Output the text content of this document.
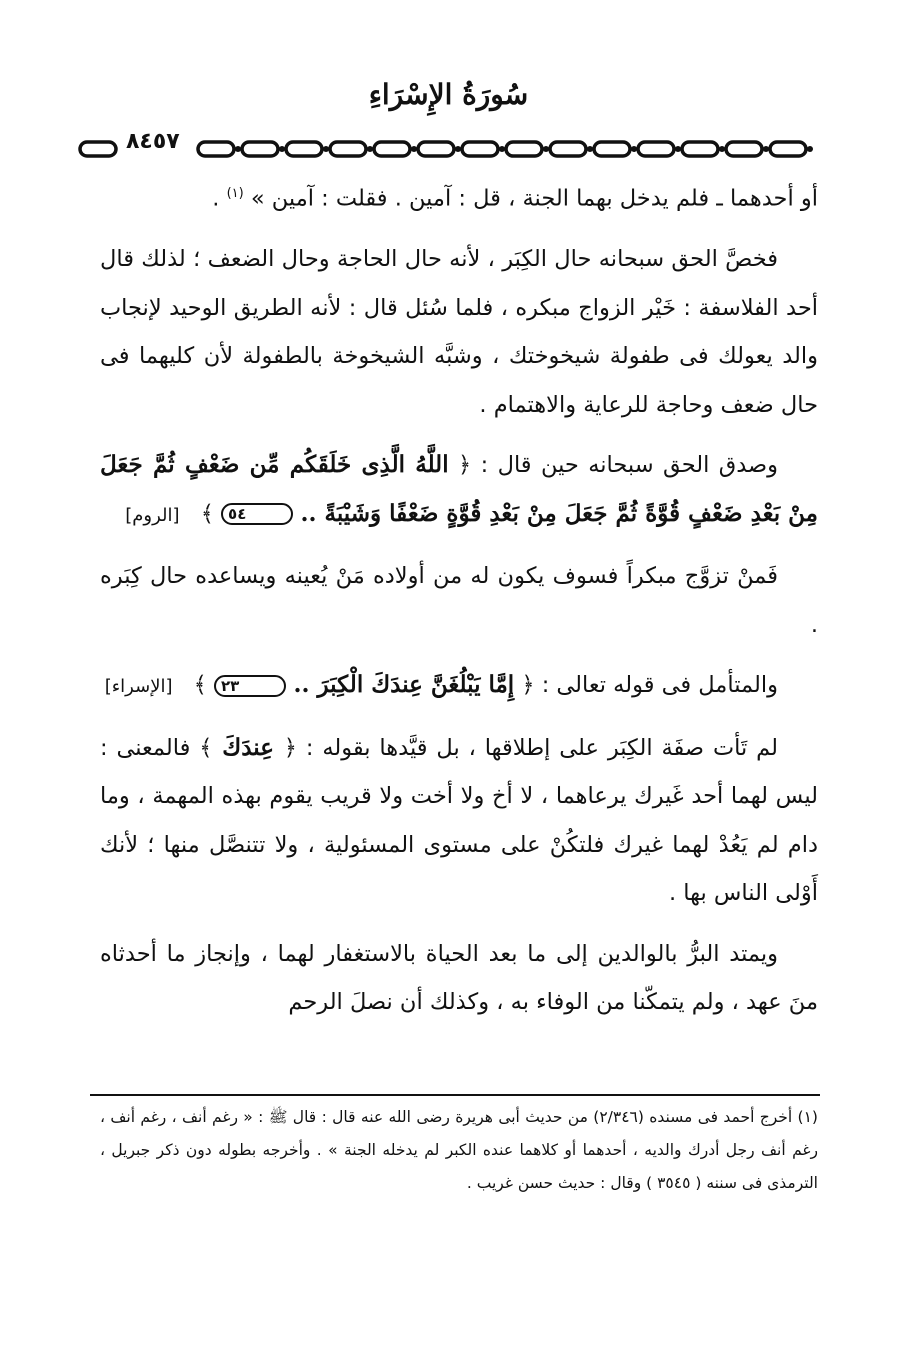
سُورَةُ الإِسْرَاءِ
٨٤٥٧

أو أحدهما ـ فلم يدخل بهما الجنة ، قل : آمين . فقلت : آمين » $^{(١)}$ .

فخصَّ الحق سبحانه حال الكِبَر ، لأنه حال الحاجة وحال الضعف ؛ لذلك قال أحد الفلاسفة : خَيْر الزواج مبكره ، فلما سُئل قال : لأنه الطريق الوحيد لإنجاب والد يعولك فى طفولة شيخوختك ، وشبَّه الشيخوخة بالطفولة لأن كليهما فى حال ضعف وحاجة للرعاية والاهتمام .

وصدق الحق سبحانه حين قال : ﴿ اللَّهُ الَّذِى خَلَقَكُم مِّن ضَعْفٍ ثُمَّ جَعَلَ مِنْ بَعْدِ ضَعْفٍ قُوَّةً ثُمَّ جَعَلَ مِنْ بَعْدِ قُوَّةٍ ضَعْفًا وَشَيْبَةً .. ٥٤ ﴾ [الروم]

فَمنْ تزوَّج مبكراً فسوف يكون له من أولاده مَنْ يُعينه ويساعده حال كِبَره .

والمتأمل فى قوله تعالى : ﴿ إِمَّا يَبْلُغَنَّ عِندَكَ الْكِبَرَ .. ٢٣ ﴾ [الإسراء]

لم تَأت صفَة الكِبَر على إطلاقها ، بل قيَّدها بقوله : ﴿ عِندَكَ ﴾ فالمعنى : ليس لهما أحد غَيرك يرعاهما ، لا أخ ولا أخت ولا قريب يقوم بهذه المهمة ، وما دام لم يَعُدْ لهما غيرك فلتكُنْ على مستوى المسئولية ، ولا تتنصَّل منها ؛ لأنك أَوْلى الناس بها .

ويمتد البرُّ بالوالدين إلى ما بعد الحياة بالاستغفار لهما ، وإنجاز ما أحدثاه منَ عهد ، ولم يتمكّنا من الوفاء به ، وكذلك أن نصلَ الرحم

(١) أخرج أحمد فى مسنده (٢/٣٤٦) من حديث أبى هريرة رضى الله عنه قال : قال ﷺ : « رغم أنف ، رغم أنف ، رغم أنف رجل أدرك والديه ، أحدهما أو كلاهما عنده الكبر لم يدخله الجنة » . وأخرجه بطوله دون ذكر جبريل ، الترمذى فى سننه ( ٣٥٤٥ ) وقال : حديث حسن غريب .
